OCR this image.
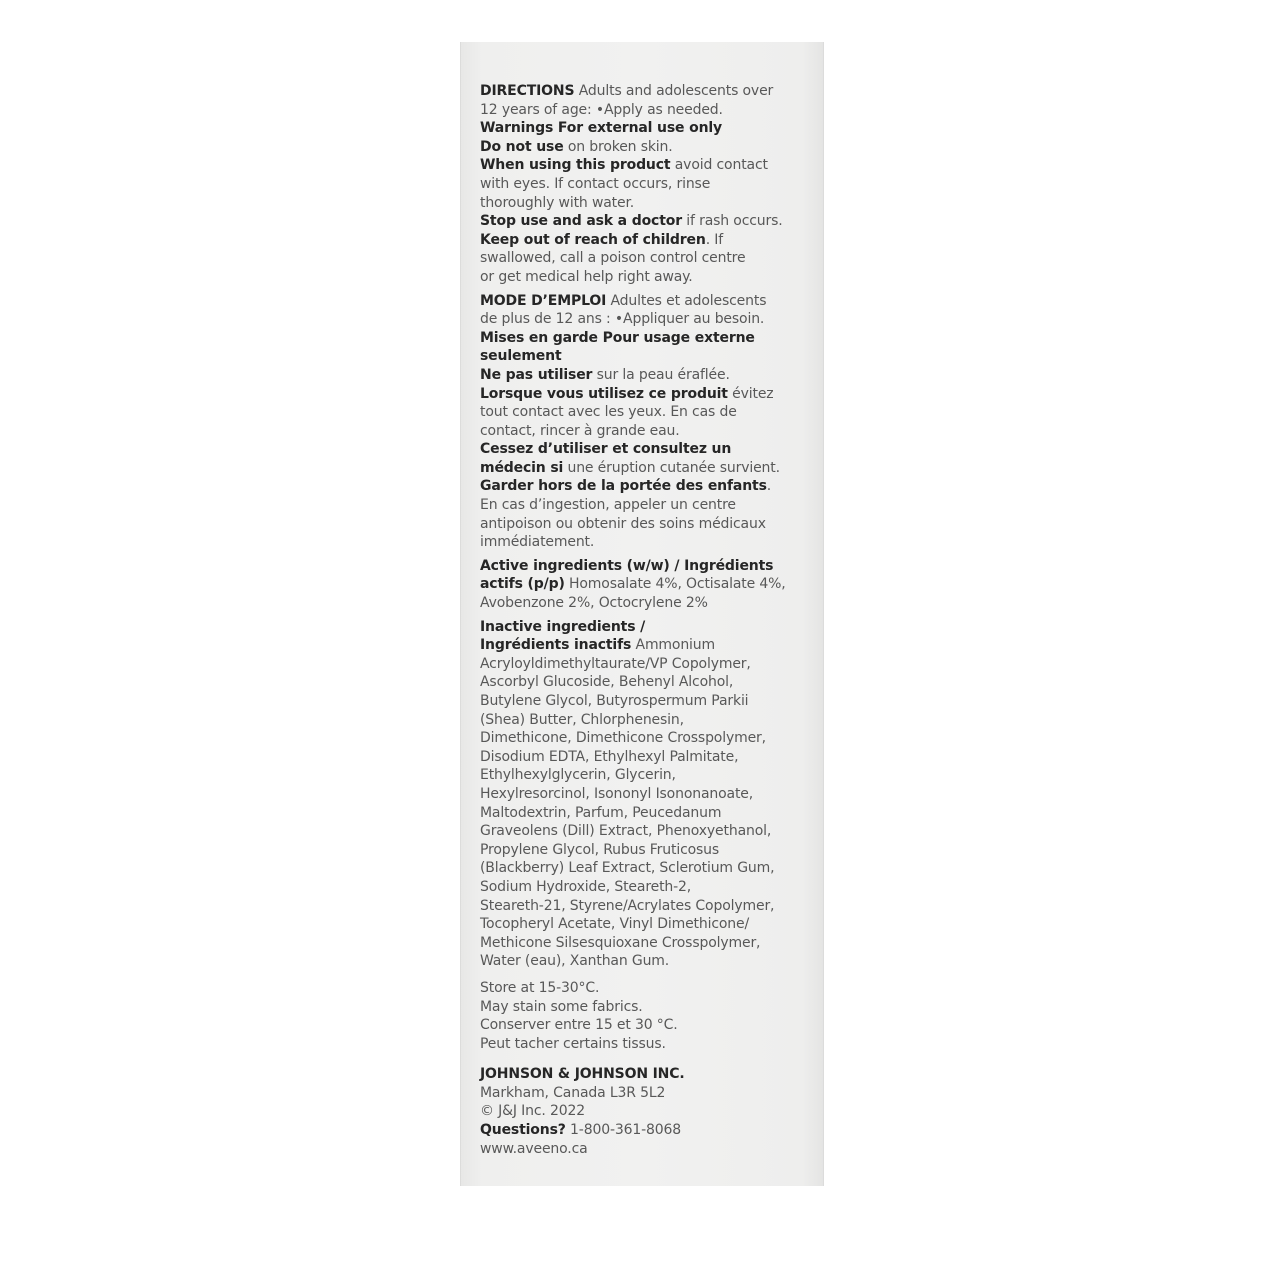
DIRECTIONS Adults and adolescents over
12 years of age: •Apply as needed.
Warnings For external use only
Do not use on broken skin.
When using this product avoid contact
with eyes. If contact occurs, rinse
thoroughly with water.
Stop use and ask a doctor if rash occurs.
Keep out of reach of children. If
swallowed, call a poison control centre
or get medical help right away.
MODE D’EMPLOI Adultes et adolescents
de plus de 12 ans : •Appliquer au besoin.
Mises en garde Pour usage externe
seulement
Ne pas utiliser sur la peau éraflée.
Lorsque vous utilisez ce produit évitez
tout contact avec les yeux. En cas de
contact, rincer à grande eau.
Cessez d’utiliser et consultez un
médecin si une éruption cutanée survient.
Garder hors de la portée des enfants.
En cas d’ingestion, appeler un centre
antipoison ou obtenir des soins médicaux
immédiatement.
Active ingredients (w/w) / Ingrédients
actifs (p/p) Homosalate 4%, Octisalate 4%,
Avobenzone 2%, Octocrylene 2%
Inactive ingredients /
Ingrédients inactifs Ammonium
Acryloyldimethyltaurate/VP Copolymer,
Ascorbyl Glucoside, Behenyl Alcohol,
Butylene Glycol, Butyrospermum Parkii
(Shea) Butter, Chlorphenesin,
Dimethicone, Dimethicone Crosspolymer,
Disodium EDTA, Ethylhexyl Palmitate,
Ethylhexylglycerin, Glycerin,
Hexylresorcinol, Isononyl Isononanoate,
Maltodextrin, Parfum, Peucedanum
Graveolens (Dill) Extract, Phenoxyethanol,
Propylene Glycol, Rubus Fruticosus
(Blackberry) Leaf Extract, Sclerotium Gum,
Sodium Hydroxide, Steareth-2,
Steareth-21, Styrene/Acrylates Copolymer,
Tocopheryl Acetate, Vinyl Dimethicone/
Methicone Silsesquioxane Crosspolymer,
Water (eau), Xanthan Gum.
Store at 15-30°C.
May stain some fabrics.
Conserver entre 15 et 30 °C.
Peut tacher certains tissus.
JOHNSON & JOHNSON INC.
Markham, Canada L3R 5L2
© J&J Inc. 2022
Questions? 1-800-361-8068
www.aveeno.ca
